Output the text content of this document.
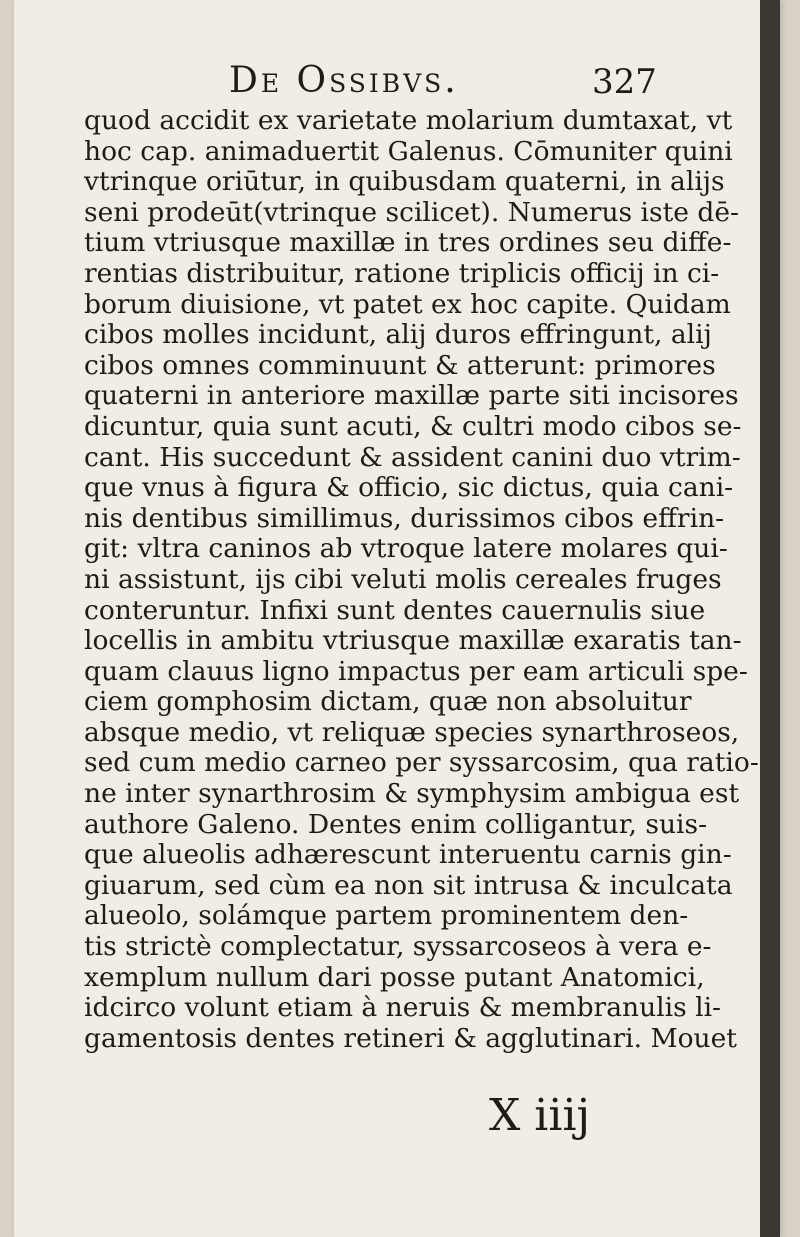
De Ossibvs.	327
quod accidit ex varietate molarium dumtaxat, vt
hoc cap. animaduertit Galenus. Cōmuniter quini
vtrinque oriūtur, in quibusdam quaterni, in alijs
seni prodeūt(vtrinque scilicet). Numerus iste dē-
tium vtriusque maxillæ in tres ordines seu diffe-
rentias distribuitur, ratione triplicis officij in ci-
borum diuisione, vt patet ex hoc capite. Quidam
cibos molles incidunt, alij duros effringunt, alij
cibos omnes comminuunt & atterunt: primores
quaterni in anteriore maxillæ parte siti incisores
dicuntur, quia sunt acuti, & cultri modo cibos se-
cant. His succedunt & assident canini duo vtrim-
que vnus à figura & officio, sic dictus, quia cani-
nis dentibus simillimus, durissimos cibos effrin-
git: vltra caninos ab vtroque latere molares qui-
ni assistunt, ijs cibi veluti molis cereales fruges
conteruntur. Infixi sunt dentes cauernulis siue
locellis in ambitu vtriusque maxillæ exaratis tan-
quam clauus ligno impactus per eam articuli spe-
ciem gomphosim dictam, quæ non absoluitur
absque medio, vt reliquæ species synarthroseos,
sed cum medio carneo per syssarcosim, qua ratio-
ne inter synarthrosim & symphysim ambigua est
authore Galeno. Dentes enim colligantur, suis-
que alueolis adhærescunt interuentu carnis gin-
giuarum, sed cùm ea non sit intrusa & inculcata
alueolo, solámque partem prominentem den-
tis strictè complectatur, syssarcoseos à vera e-
xemplum nullum dari posse putant Anatomici,
idcirco volunt etiam à neruis & membranulis li-
gamentosis dentes retineri & agglutinari. Mouet
X iiij
